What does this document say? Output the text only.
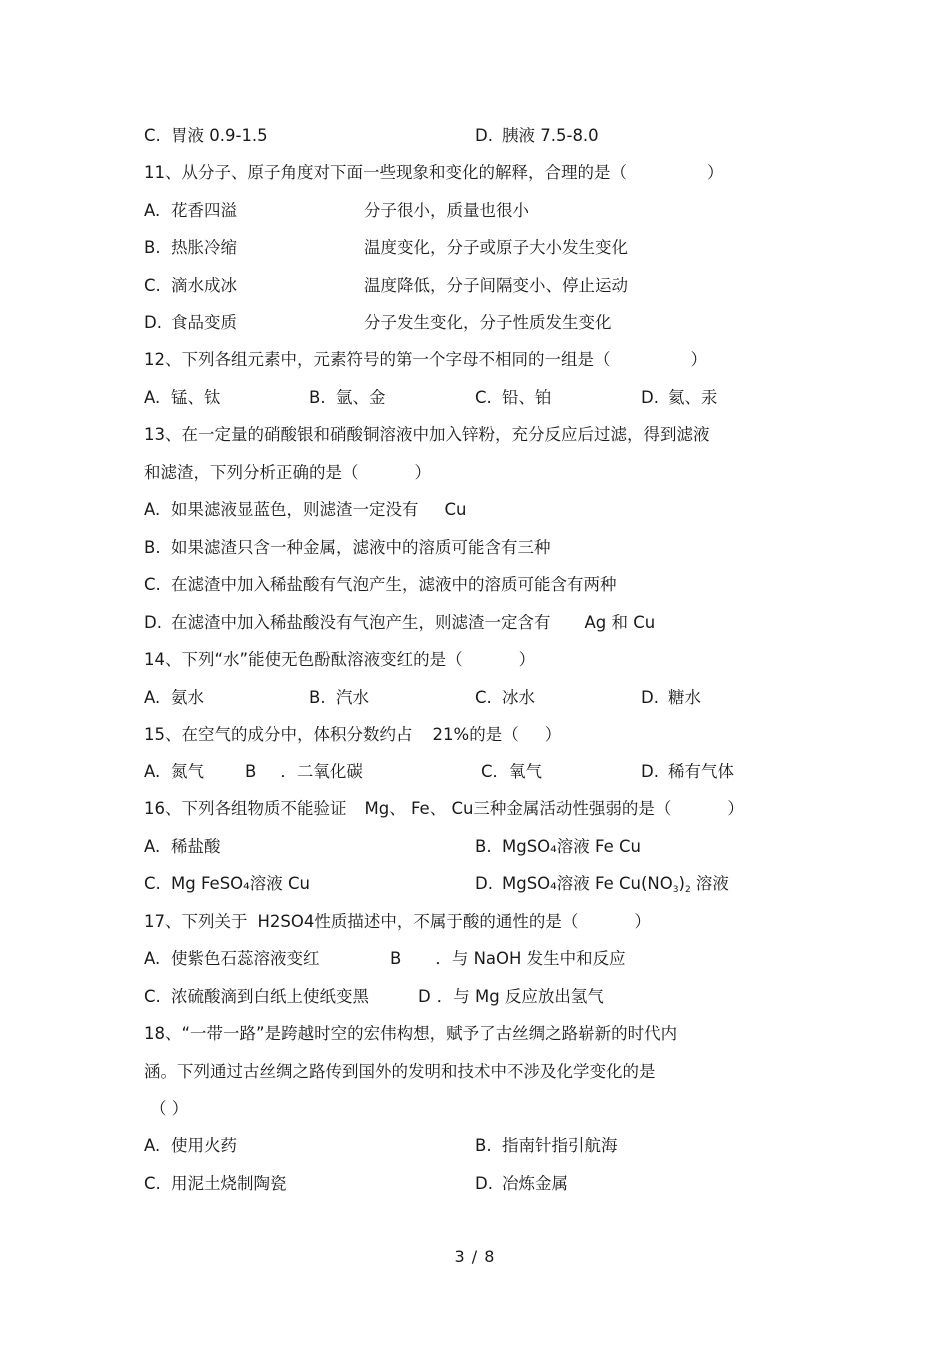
C. 胃液 0.9-1.5	D. 胰液 7.5-8.0
11、从分子、原子角度对下面一些现象和变化的解释，合理的是（	）
A. 花香四溢	分子很小，质量也很小
B. 热胀冷缩	温度变化，分子或原子大小发生变化
C. 滴水成冰	温度降低，分子间隔变小、停止运动
D. 食品变质	分子发生变化，分子性质发生变化
12、下列各组元素中，元素符号的第一个字母不相同的一组是（	）
A. 锰、钛	B. 氩、金	C. 铅、铂	D. 氦、汞
13、在一定量的硝酸银和硝酸铜溶液中加入锌粉，充分反应后过滤，得到滤液
和滤渣，下列分析正确的是（	）
A. 如果滤液显蓝色，则滤渣一定没有 Cu
B. 如果滤渣只含一种金属，滤液中的溶质可能含有三种
C. 在滤渣中加入稀盐酸有气泡产生，滤液中的溶质可能含有两种
D. 在滤渣中加入稀盐酸没有气泡产生，则滤渣一定含有 Ag 和 Cu
14、下列“水”能使无色酚酞溶液变红的是（	）
A. 氨水	B. 汽水	C. 冰水	D. 糖水
15、在空气的成分中，体积分数约占 21%的是（ ）
A. 氮气 B ．二氧化碳	C．氧气	D. 稀有气体
16、下列各组物质不能验证 Mg、 Fe、 Cu三种金属活动性强弱的是（	）
A. 稀盐酸	B. MgSO₄溶液 Fe Cu
C. Mg FeSO₄溶液 Cu	D. MgSO₄溶液 Fe Cu(NO3)2 溶液
17、下列关于 H2SO4性质描述中，不属于酸的通性的是（	）
A. 使紫色石蕊溶液变红	B ．与 NaOH 发生中和反应
C. 浓硫酸滴到白纸上使纸变黑	D ．与 Mg 反应放出氢气
18、“一带一路”是跨越时空的宏伟构想，赋予了古丝绸之路崭新的时代内
涵。下列通过古丝绸之路传到国外的发明和技术中不涉及化学变化的是
（ ）
A. 使用火药	B. 指南针指引航海
C. 用泥土烧制陶瓷	D. 冶炼金属
3 / 8
